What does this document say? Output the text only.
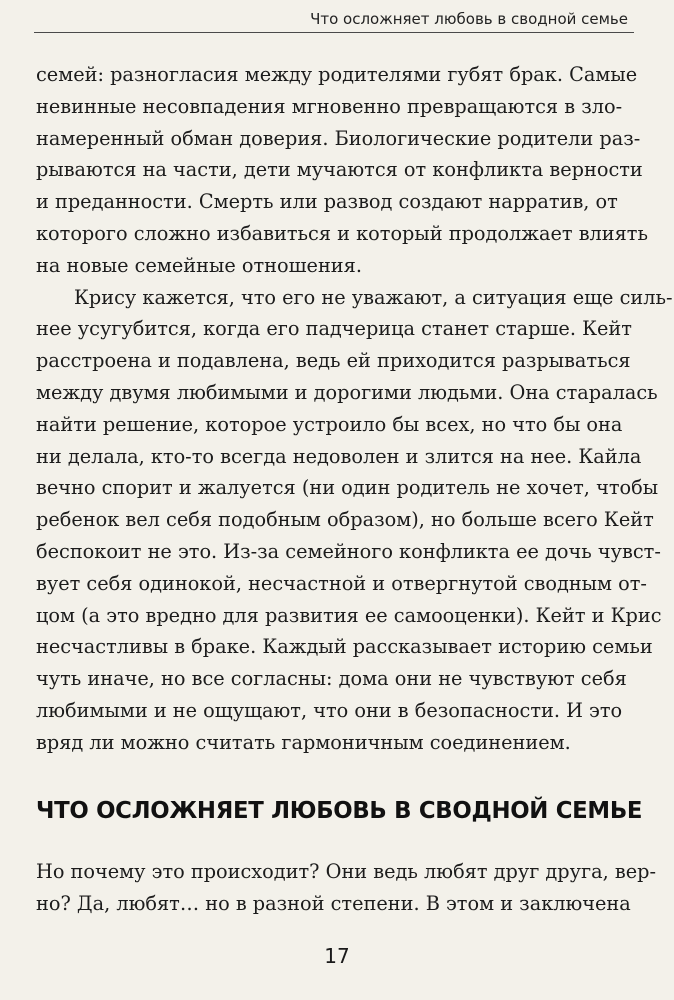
Что осложняет любовь в сводной семье
семей: разногласия между родителями губят брак. Самые
невинные несовпадения мгновенно превращаются в зло-
намеренный обман доверия. Биологические родители раз-
рываются на части, дети мучаются от конфликта верности
и преданности. Смерть или развод создают нарратив, от
которого сложно избавиться и который продолжает влиять
на новые семейные отношения.
Крису кажется, что его не уважают, а ситуация еще силь-
нее усугубится, когда его падчерица станет старше. Кейт
расстроена и подавлена, ведь ей приходится разрываться
между двумя любимыми и дорогими людьми. Она старалась
найти решение, которое устроило бы всех, но что бы она
ни делала, кто-то всегда недоволен и злится на нее. Кайла
вечно спорит и жалуется (ни один родитель не хочет, чтобы
ребенок вел себя подобным образом), но больше всего Кейт
беспокоит не это. Из-за семейного конфликта ее дочь чувст-
вует себя одинокой, несчастной и отвергнутой сводным от-
цом (а это вредно для развития ее самооценки). Кейт и Крис
несчастливы в браке. Каждый рассказывает историю семьи
чуть иначе, но все согласны: дома они не чувствуют себя
любимыми и не ощущают, что они в безопасности. И это
вряд ли можно считать гармоничным соединением.
ЧТО ОСЛОЖНЯЕТ ЛЮБОВЬ В СВОДНОЙ СЕМЬЕ
Но почему это происходит? Они ведь любят друг друга, вер-
но? Да, любят… но в разной степени. В этом и заключена
17
